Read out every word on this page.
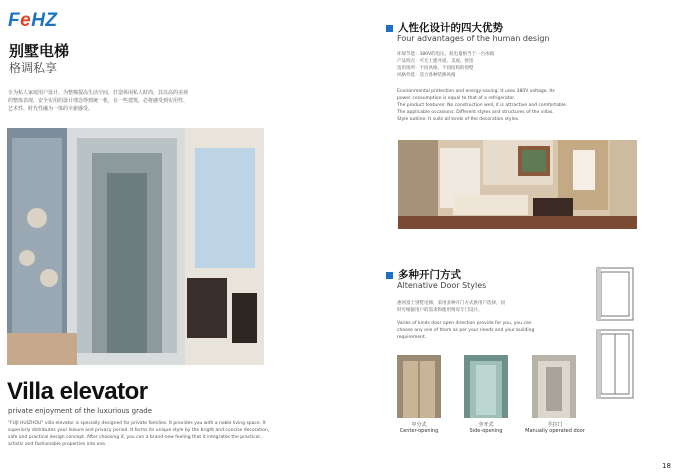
FeHZ
别墅电梯
格调私享
专为私人家庭用户设计，为整梯提高生活空间，打造休闲私人时尚，其以高的美观的整体表现，安全实用的设计理念得到统一机，在一些建筑，必将感受到实用性、艺术性、时代性融为一体的全新感受。
Villa elevator
private enjoyment of the luxurious grade
"FUJI HUIZHOU" villa elevator is specially designed for private families. It provides you with a noble living space. It superiorly distributes your leisure and privacy period. It forms its unique style by the bright and concise decoration, safe and practical design concept. After choosing it, you can a brand new feeling that it integrates the practical, artistic and fashionable properties into one.
人性化设计的四大优势
Four advantages of the human design
环保节能：380V的电压，耗电量相当于一台冰箱
产品特点：可无土建井道，美观、舒适
适用场所：不同风格、不同结构的别墅
风格外延：适合各种装修风格
Environmental protection and energy-saving: It uses 380V voltage. Its
power consumption is equal to that of a refrigerator.
The product features: No construction well, it is attractive and comfortable.
The applicable occasions: Different styles and structures of the villas.
Style outline: It suits all kinds of the decoration styles.
多种开门方式
Altenative Door Styles
惠州富士别墅电梯，采用多种开门方式供用户选择，同
时可根据用户的需求和使用情况专门设计。
Varies of kinds door open direction provide for you, you can
choose any one of them as per your needs and your building
requirement.
中分式
Center-opening
旁开式
Side-opening
手拉门
Manually operated door
18
